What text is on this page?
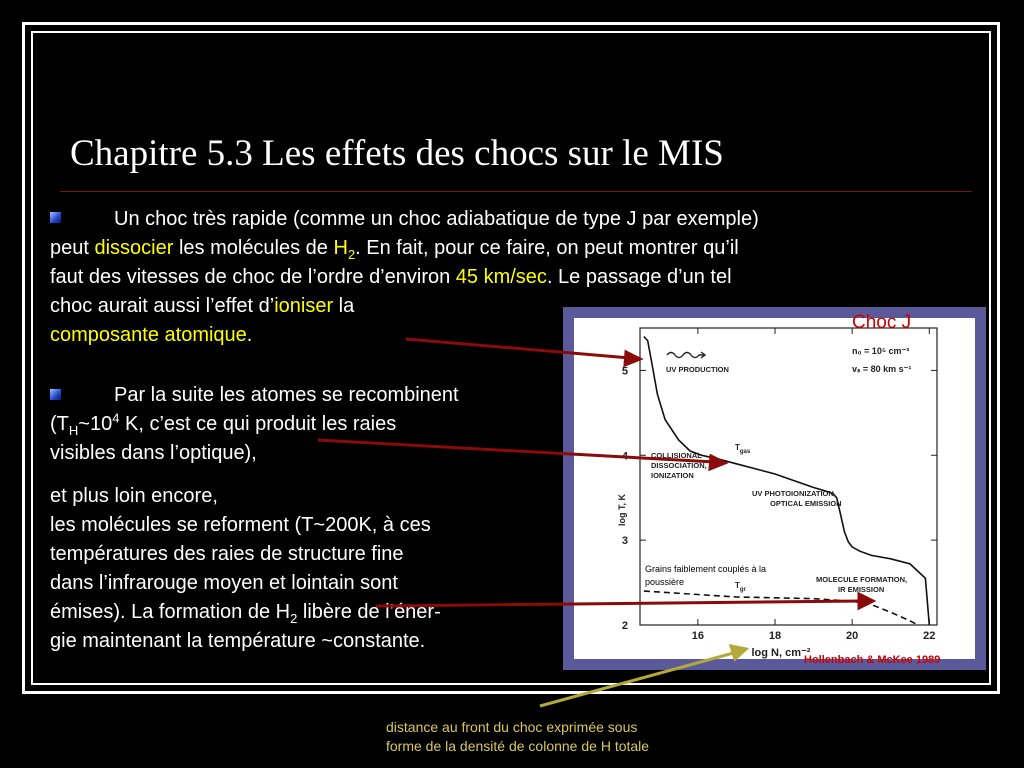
Chapitre 5.3 Les effets des chocs sur le MIS
Un choc très rapide (comme un choc adiabatique de type J par exemple)
peut dissocier les molécules de $H_2$. En fait, pour ce faire, on peut montrer qu’il
faut des vitesses de choc de l’ordre d’environ 45 km/sec. Le passage d’un tel
choc aurait aussi l’effet d’ioniser la
composante atomique.
Par la suite les atomes se recombinent
($T_H\sim 10^4$ K, c’est ce qui produit les raies
visibles dans l’optique),
et plus loin encore,
les molécules se reforment (T~200K, à ces
températures des raies de structure fine
dans l’infrarouge moyen et lointain sont
émises). La formation de $H_2$ libère de l’éner-
gie maintenant la température ~constante.	16	18	20	22
2
3
5
log T, K
log N, cm⁻²
n₀ = 10⁵ cm⁻³
vₛ = 80 km s⁻¹
UV PRODUCTION
COLLISIONAL
DISSOCIATION,
IONIZATION
$T_{gas}$
UV PHOTOIONIZATION,
OPTICAL EMISSION
MOLECULE FORMATION,
IR EMISSION
$T_{gr}$
Grains faiblement couplés à la
poussière
Choc J
Hollenbach & McKee 1989
distance au front du choc exprimée sous
forme de la densité de colonne de H totale
